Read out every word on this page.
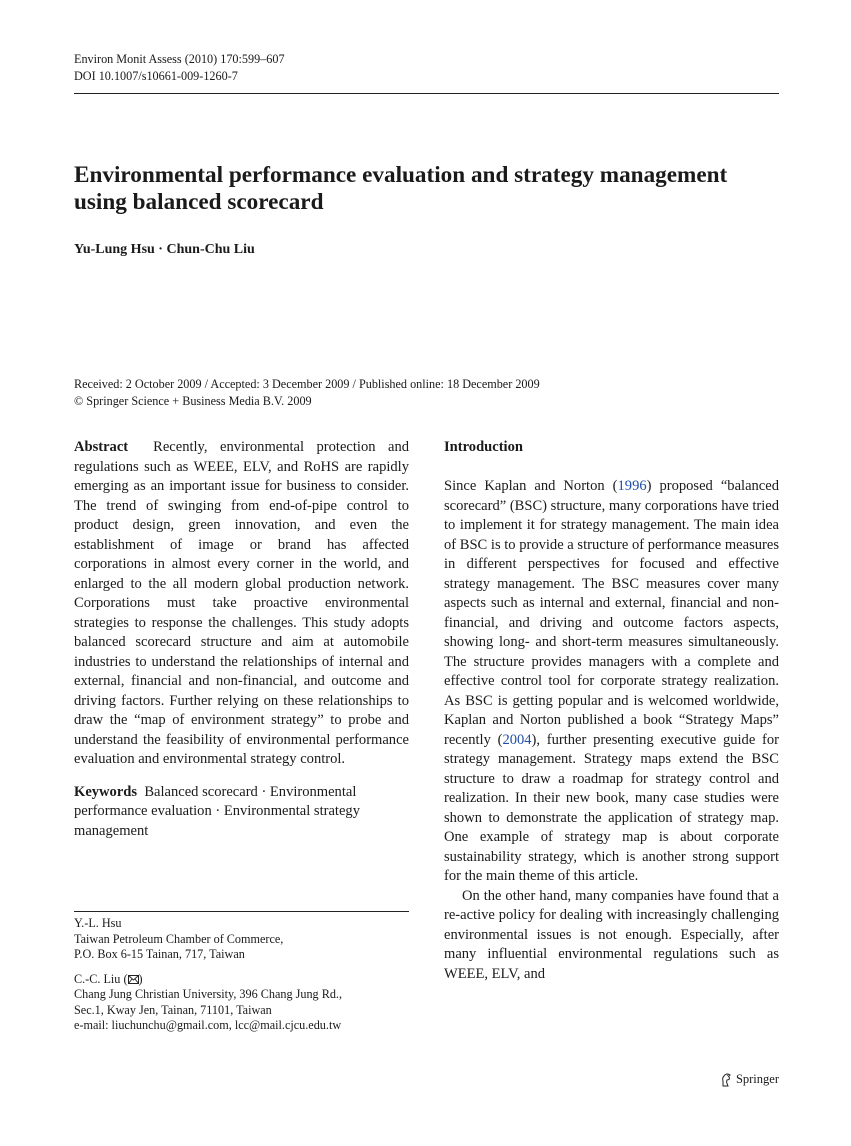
Environ Monit Assess (2010) 170:599–607
DOI 10.1007/s10661-009-1260-7
Environmental performance evaluation and strategy management using balanced scorecard
Yu-Lung Hsu · Chun-Chu Liu
Received: 2 October 2009 / Accepted: 3 December 2009 / Published online: 18 December 2009
© Springer Science + Business Media B.V. 2009

Abstract Recently, environmental protection and regulations such as WEEE, ELV, and RoHS are rapidly emerging as an important issue for business to consider. The trend of swinging from end-of-pipe control to product design, green innovation, and even the establishment of image or brand has affected corporations in almost every corner in the world, and enlarged to the all modern global production network. Corporations must take proactive environmental strategies to response the challenges. This study adopts balanced scorecard structure and aim at automobile industries to understand the relationships of internal and external, financial and non-financial, and outcome and driving factors. Further relying on these relationships to draw the “map of environment strategy” to probe and understand the feasibility of environmental performance evaluation and environmental strategy control.

Keywords Balanced scorecard · Environmental performance evaluation · Environmental strategy management

Y.-L. Hsu

Taiwan Petroleum Chamber of Commerce,

P.O. Box 6-15 Tainan, 717, Taiwan

C.-C. Liu ( )

Chang Jung Christian University, 396 Chang Jung Rd.,

Sec.1, Kway Jen, Tainan, 71101, Taiwan

e-mail: liuchunchu@gmail.com, lcc@mail.cjcu.edu.tw

Introduction

Since Kaplan and Norton (1996) proposed “balanced scorecard” (BSC) structure, many corporations have tried to implement it for strategy management. The main idea of BSC is to provide a structure of performance measures in different perspectives for focused and effective strategy management. The BSC measures cover many aspects such as internal and external, financial and non-financial, and driving and outcome factors aspects, showing long- and short-term measures simultaneously. The structure provides managers with a complete and effective control tool for corporate strategy realization. As BSC is getting popular and is welcomed worldwide, Kaplan and Norton published a book “Strategy Maps” recently (2004), further presenting executive guide for strategy management. Strategy maps extend the BSC structure to draw a roadmap for strategy control and realization. In their new book, many case studies were shown to demonstrate the application of strategy map. One example of strategy map is about corporate sustainability strategy, which is another strong support for the main theme of this article.

On the other hand, many companies have found that a re-active policy for dealing with increasingly challenging environmental issues is not enough. Especially, after many influential environmental regulations such as WEEE, ELV, and

Springer
